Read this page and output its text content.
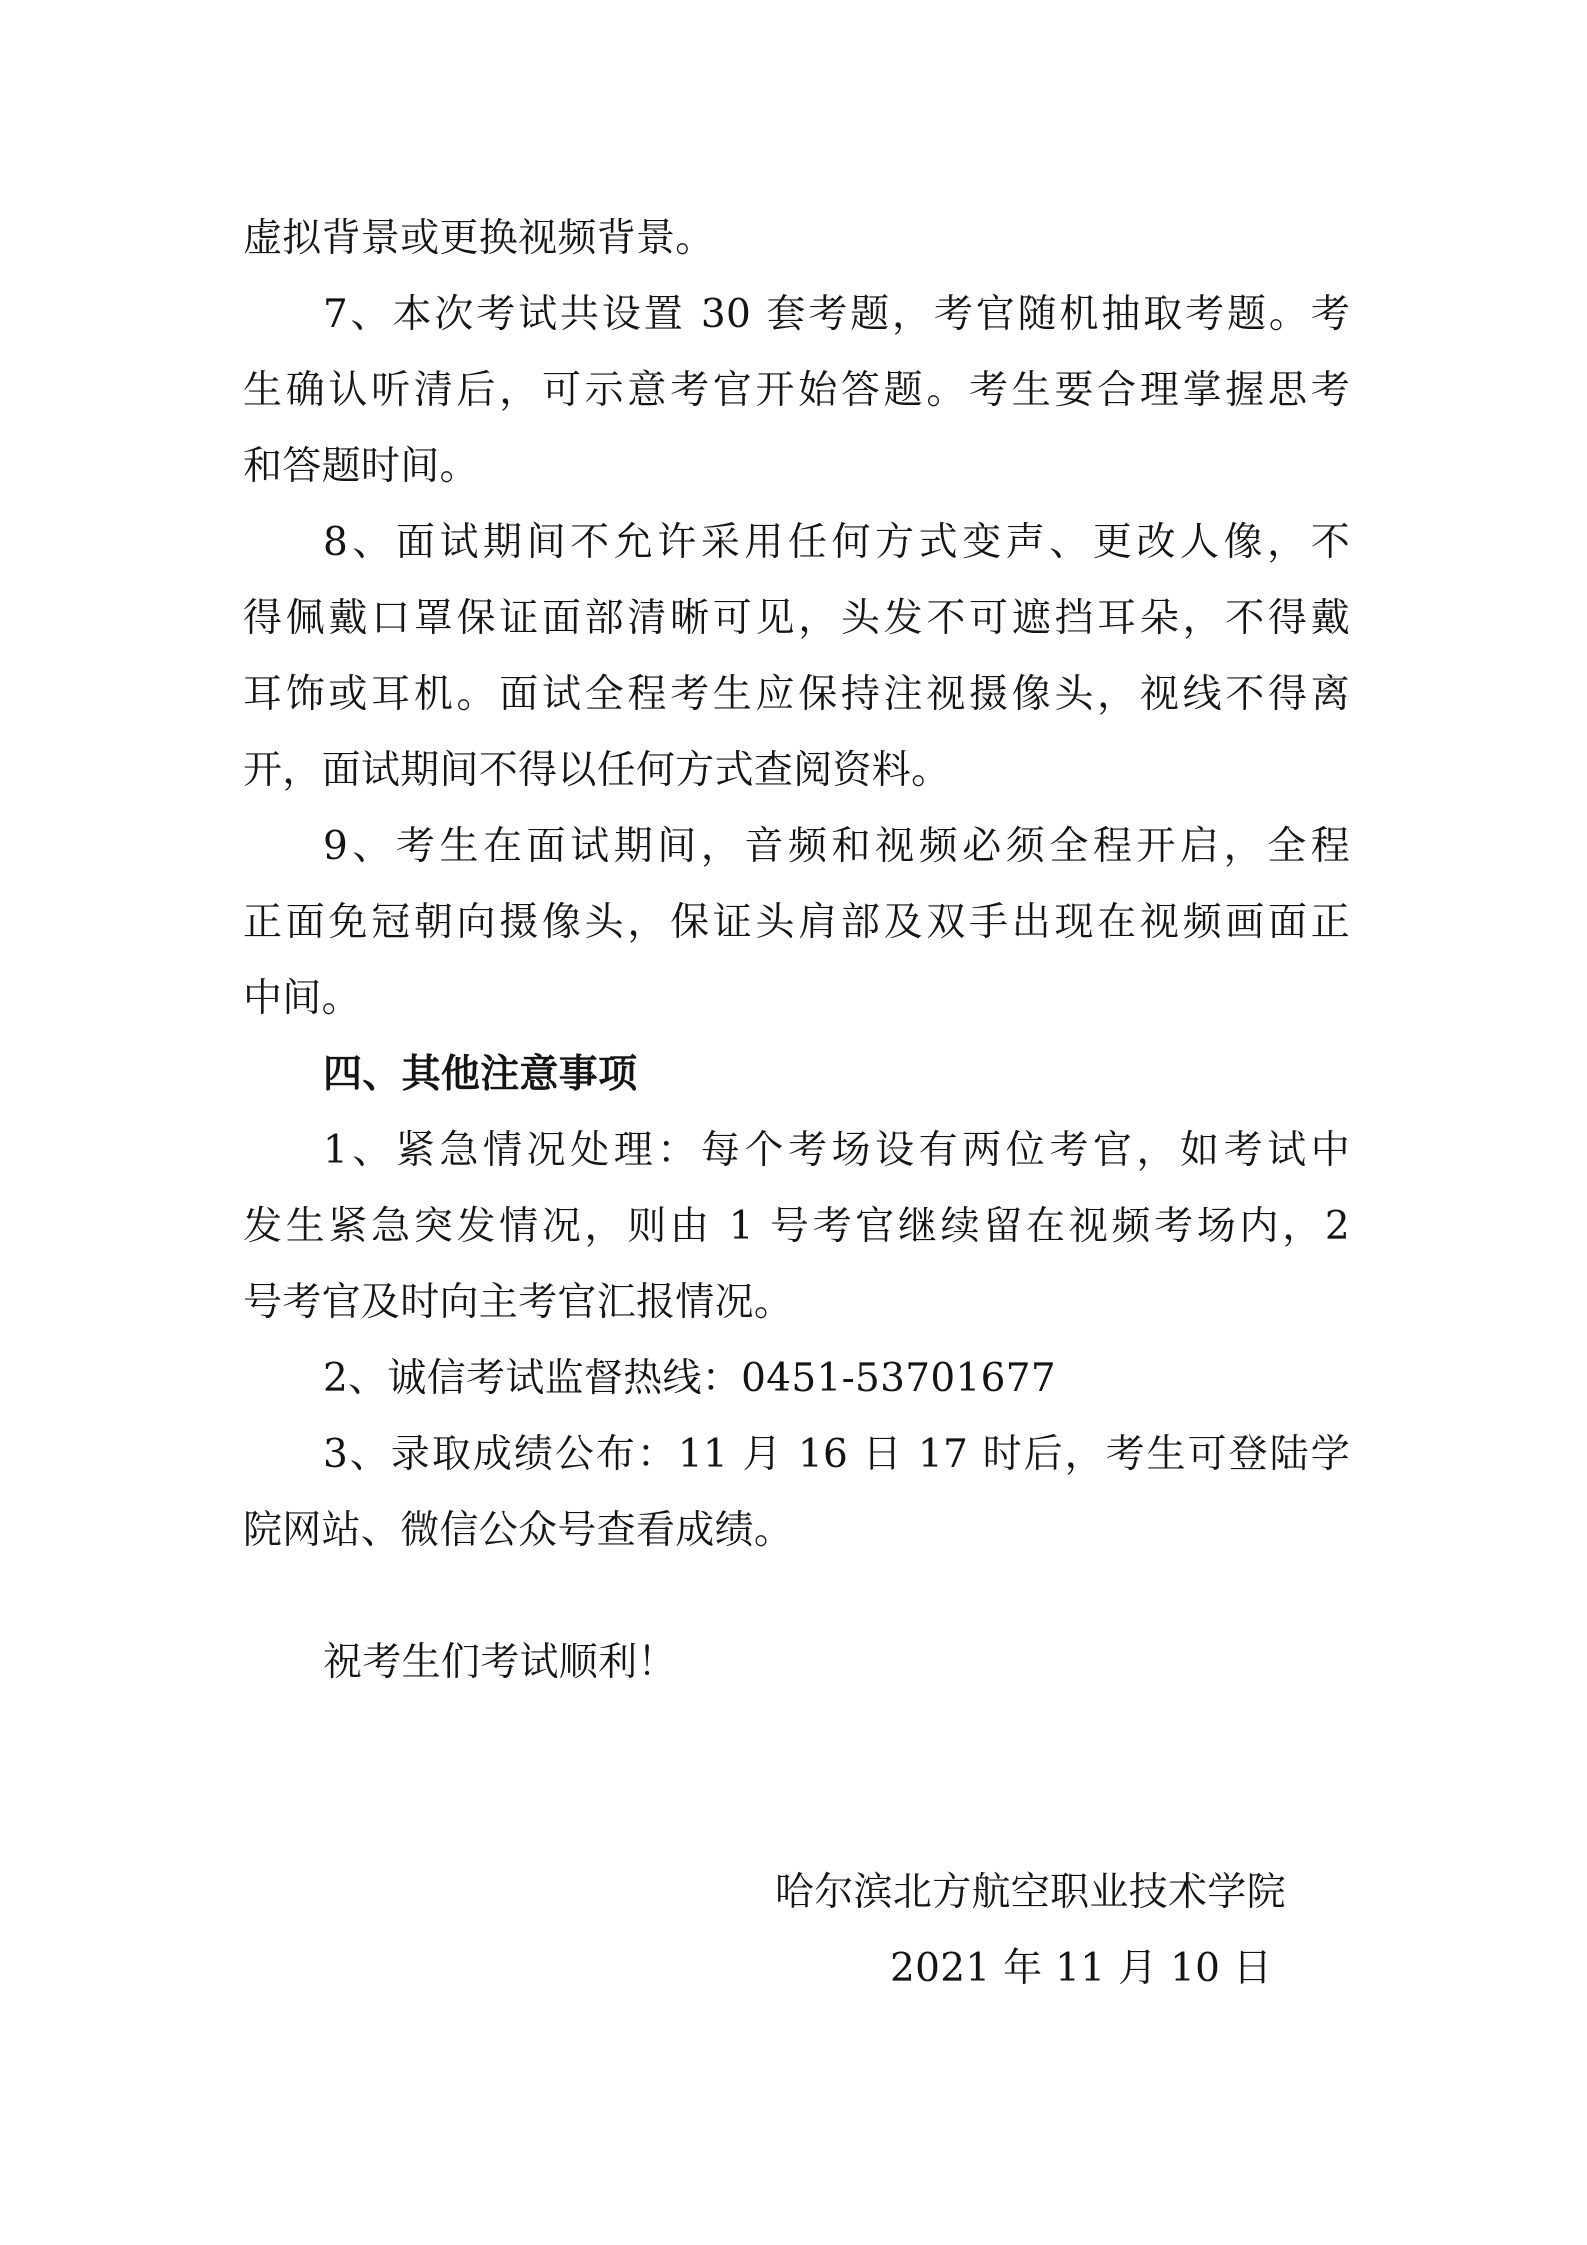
虚拟背景或更换视频背景。
7、本次考试共设置 30 套考题，考官随机抽取考题。考
生确认听清后，可示意考官开始答题。考生要合理掌握思考
和答题时间。
8、面试期间不允许采用任何方式变声、更改人像，不
得佩戴口罩保证面部清晰可见，头发不可遮挡耳朵，不得戴
耳饰或耳机。面试全程考生应保持注视摄像头，视线不得离
开，面试期间不得以任何方式查阅资料。
9、考生在面试期间，音频和视频必须全程开启，全程
正面免冠朝向摄像头，保证头肩部及双手出现在视频画面正
中间。
四、其他注意事项
1、紧急情况处理：每个考场设有两位考官，如考试中
发生紧急突发情况，则由 1 号考官继续留在视频考场内，2
号考官及时向主考官汇报情况。
2、诚信考试监督热线：0451-53701677
3、录取成绩公布：11 月 16 日 17 时后，考生可登陆学
院网站、微信公众号查看成绩。
祝考生们考试顺利！
哈尔滨北方航空职业技术学院
2021 年 11 月 10 日
